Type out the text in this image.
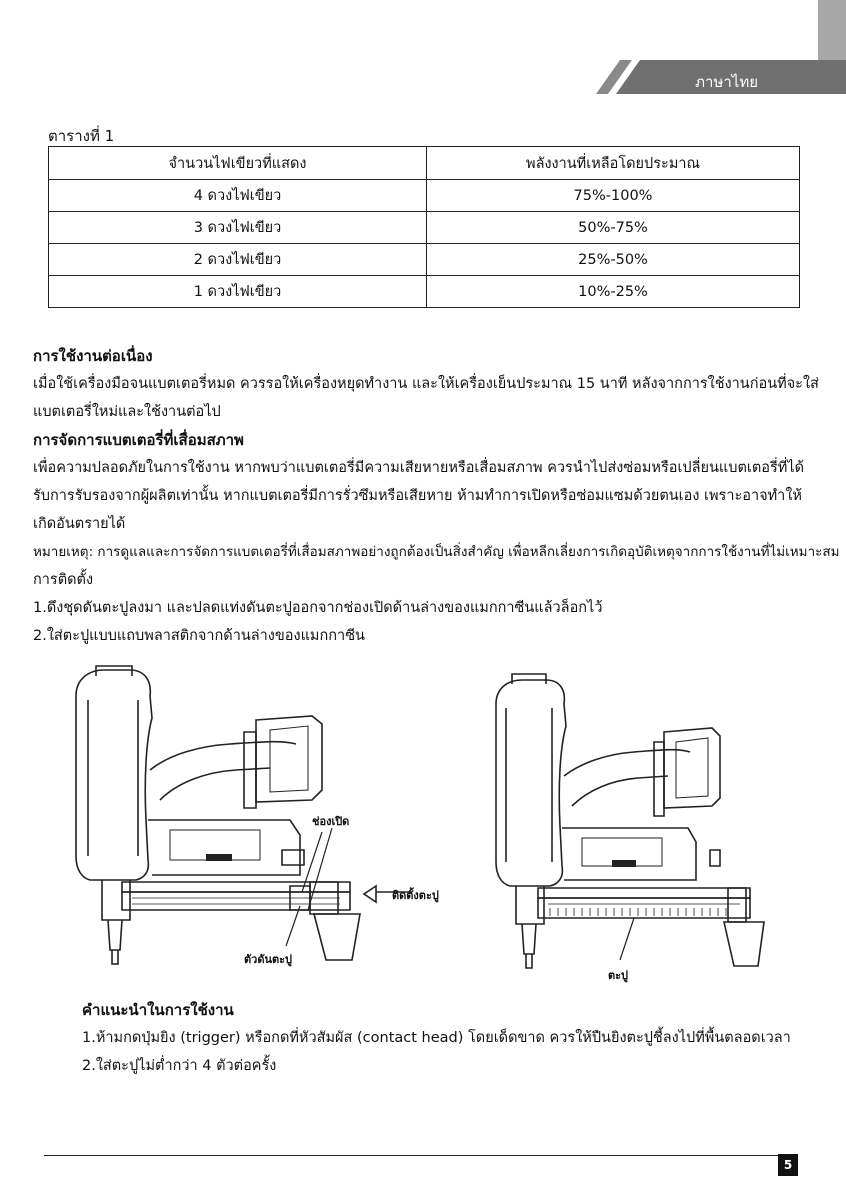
ภาษาไทย
ตารางที่ 1
จำนวนไฟเขียวที่แสดง	พลังงานที่เหลือโดยประมาณ
4 ดวงไฟเขียว	75%-100%
3 ดวงไฟเขียว	50%-75%
2 ดวงไฟเขียว	25%-50%
1 ดวงไฟเขียว	10%-25%
การใช้งานต่อเนื่อง
เมื่อใช้เครื่องมือจนแบตเตอรี่หมด ควรรอให้เครื่องหยุดทำงาน และให้เครื่องเย็นประมาณ 15 นาที หลังจากการใช้งานก่อนที่จะใส่
แบตเตอรี่ใหม่และใช้งานต่อไป
การจัดการแบตเตอรี่ที่เสื่อมสภาพ
เพื่อความปลอดภัยในการใช้งาน หากพบว่าแบตเตอรี่มีความเสียหายหรือเสื่อมสภาพ ควรนำไปส่งซ่อมหรือเปลี่ยนแบตเตอรี่ที่ได้
รับการรับรองจากผู้ผลิตเท่านั้น หากแบตเตอรี่มีการรั่วซึมหรือเสียหาย ห้ามทำการเปิดหรือซ่อมแซมด้วยตนเอง เพราะอาจทำให้
เกิดอันตรายได้
หมายเหตุ: การดูแลและการจัดการแบตเตอรี่ที่เสื่อมสภาพอย่างถูกต้องเป็นสิ่งสำคัญ เพื่อหลีกเลี่ยงการเกิดอุบัติเหตุจากการใช้งานที่ไม่เหมาะสม
การติดตั้ง
1.ดึงชุดดันตะปูลงมา และปลดแท่งดันตะปูออกจากช่องเปิดด้านล่างของแมกกาซีนแล้วล็อกไว้
2.ใส่ตะปูแบบแถบพลาสติกจากด้านล่างของแมกกาซีน
ช่องเปิด
ติดตั้งตะปู
ตัวดันตะปู
ตะปู
คำแนะนำในการใช้งาน
1.ห้ามกดปุ่มยิง (trigger) หรือกดที่หัวสัมผัส (contact head) โดยเด็ดขาด ควรให้ปืนยิงตะปูชี้ลงไปที่พื้นตลอดเวลา
2.ใส่ตะปูไม่ต่ำกว่า 4 ตัวต่อครั้ง
5
